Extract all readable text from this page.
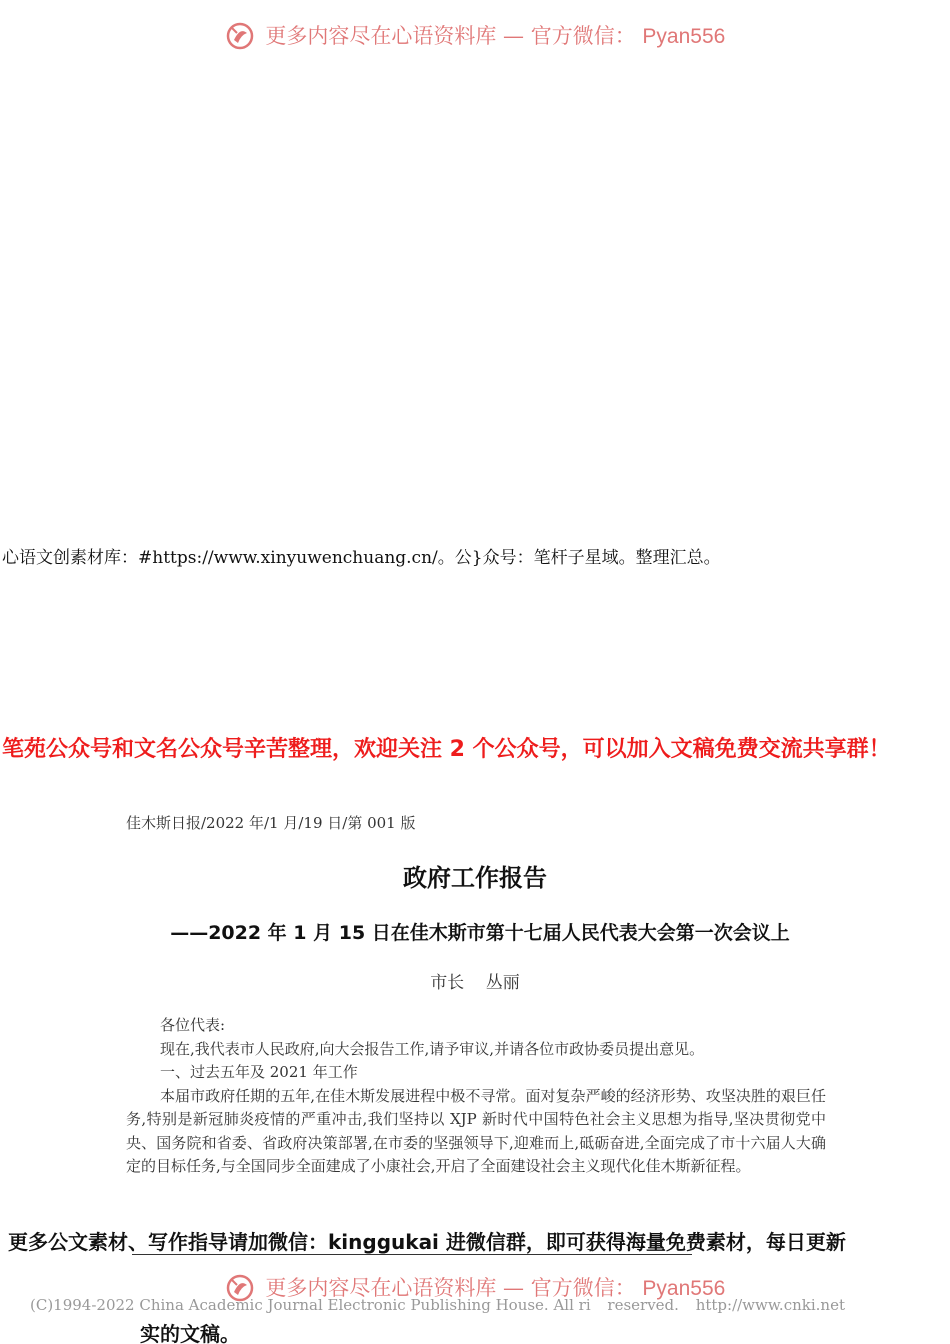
更多内容尽在心语资料库 — 官方微信： Pyan556
心语文创素材库：#https://www.xinyuwenchuang.cn/。公}众号：笔杆子星域。整理汇总。
笔苑公众号和文名公众号辛苦整理，欢迎关注 2 个公众号，可以加入文稿免费交流共享群！
佳木斯日报/2022 年/1 月/19 日/第 001 版
政府工作报告
——2022 年 1 月 15 日在佳木斯市第十七届人民代表大会第一次会议上
市长    丛丽

各位代表:

现在,我代表市人民政府,向大会报告工作,请予审议,并请各位市政协委员提出意见。

一、过去五年及 2021 年工作

本届市政府任期的五年,在佳木斯发展进程中极不寻常。面对复杂严峻的经济形势、攻坚决胜的艰巨任务,特别是新冠肺炎疫情的严重冲击,我们坚持以 XJP 新时代中国特色社会主义思想为指导,坚决贯彻党中央、国务院和省委、省政府决策部署,在市委的坚强领导下,迎难而上,砥砺奋进,全面完成了市十六届人大确定的目标任务,与全国同步全面建成了小康社会,开启了全面建设社会主义现代化佳木斯新征程。

更多公文素材、写作指导请加微信：kinggukai 进微信群，即可获得海量免费素材，每日更新
更多内容尽在心语资料库 — 官方微信： Pyan556
(C)1994-2022 China Academic Journal Electronic Publishing House. All ri reserved. http://www.cnki.net
实的文稿。
